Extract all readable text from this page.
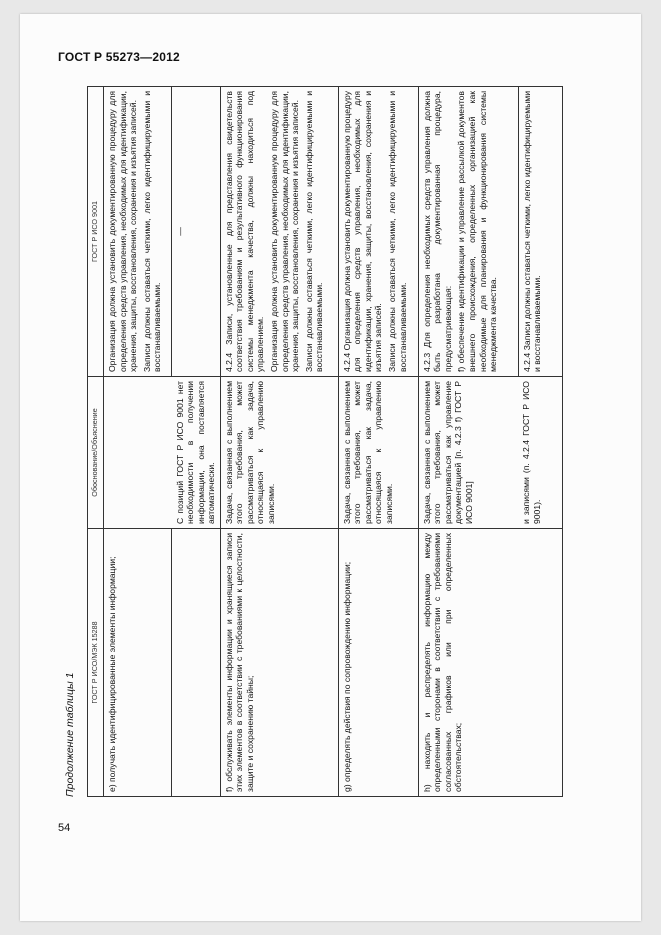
ГОСТ Р 55273—2012
54
Продолжение таблицы 1
ГОСТ Р ИСО/МЭК 15288	Обоснование/Объяснение	ГОСТ Р ИСО 9001

e) получать идентифицированные элементы информации;		Организация должна установить документированную процедуру для определения средств управления, необходимых для идентификации, хранения, защиты, восстановления, сохранения и изъятия записей. Записи должны оставаться четкими, легко идентифицируемыми и восстанавливаемыми.

	С позиций ГОСТ Р ИСО 9001 нет необходимости в получении информации, она поставляется автоматически.	—

f) обслуживать элементы информации и хранящиеся записи этих элементов в соответствии с требованиями к целостности, защите и сохранению тайны;	Задача, связанная с выполнением этого требования, может рассматриваться как задача, относящаяся к управлению записями.	4.2.4 Записи, установленные для представления свидетельств соответствия требованиям и результативного функционирования системы менеджмента качества, должны находиться под управлением. Организация должна установить документированную процедуру для определения средств управления, необходимых для идентификации, хранения, защиты, восстановления, сохранения и изъятия записей. Записи должны оставаться четкими, легко идентифицируемыми и восстанавливаемыми.

g) определять действия по сопровождению информации;	Задача, связанная с выполнением этого требования, может рассматриваться как задача, относящаяся к управлению записями.	4.2.4 Организация должна установить документированную процедуру для определения средств управления, необходимых для идентификации, хранения, защиты, восстановления, сохранения и изъятия записей. Записи должны оставаться четкими, легко идентифицируемыми и восстанавливаемыми.

h) находить и распределять информацию между определенными сторонами в соответствии с требованиями согласованных графиков или при определенных обстоятельствах;	Задача, связанная с выполнением этого требования, может рассматриваться как управление документацией [п. 4.2.3 f) ГОСТ Р ИСО 9001]	4.2.3 Для определения необходимых средств управления должна быть разработана документированная процедура, предусматривающая: f) обеспечение идентификации и управление рассылкой документов внешнего происхождения, определенных организацией как необходимые для планирования и функционирования системы менеджмента качества.

	и записями (п. 4.2.4 ГОСТ Р ИСО 9001).	4.2.4 Записи должны оставаться четкими, легко идентифицируемыми и восстанавливаемыми.
